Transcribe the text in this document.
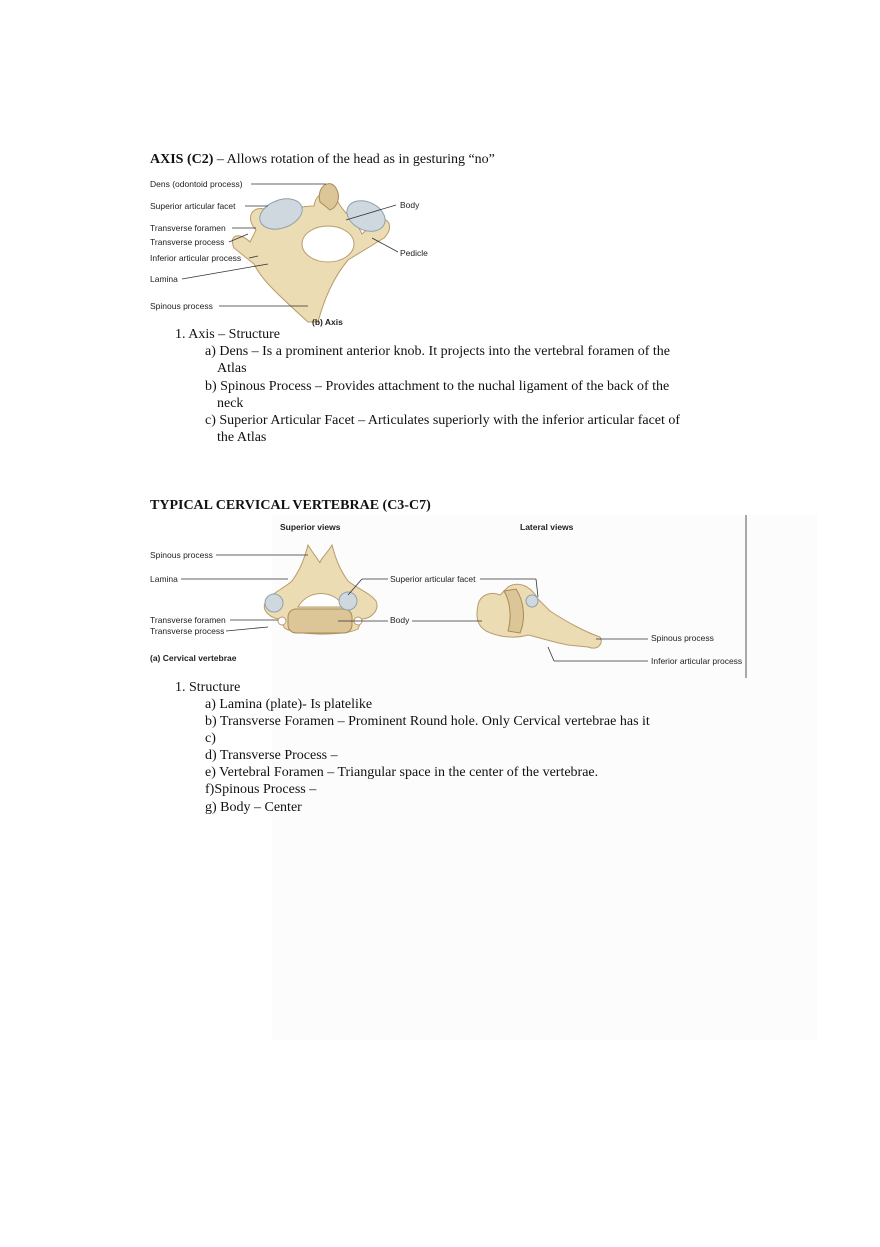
AXIS (C2) – Allows rotation of the head as in gesturing “no”
Dens (odontoid process)
Superior articular facet
Transverse foramen
Transverse process
Inferior articular process
Lamina
Spinous process
Body
Pedicle
(b) Axis
1. Axis – Structure
a) Dens – Is a prominent anterior knob. It projects into the vertebral foramen of the
Atlas
b) Spinous Process – Provides attachment to the nuchal ligament of the back of the
neck
c) Superior Articular Facet – Articulates superiorly with the inferior articular facet of
the Atlas
TYPICAL CERVICAL VERTEBRAE (C3-C7)
Superior views	Lateral views
Spinous process
Lamina
Transverse foramen
Transverse process
Superior articular facet
Body
Spinous process
Inferior articular process
(a) Cervical vertebrae
1. Structure
a) Lamina (plate)- Is platelike
b) Transverse Foramen – Prominent Round hole. Only Cervical vertebrae has it
c)
d) Transverse Process –
e) Vertebral Foramen – Triangular space in the center of the vertebrae.
f)Spinous Process –
g) Body – Center
